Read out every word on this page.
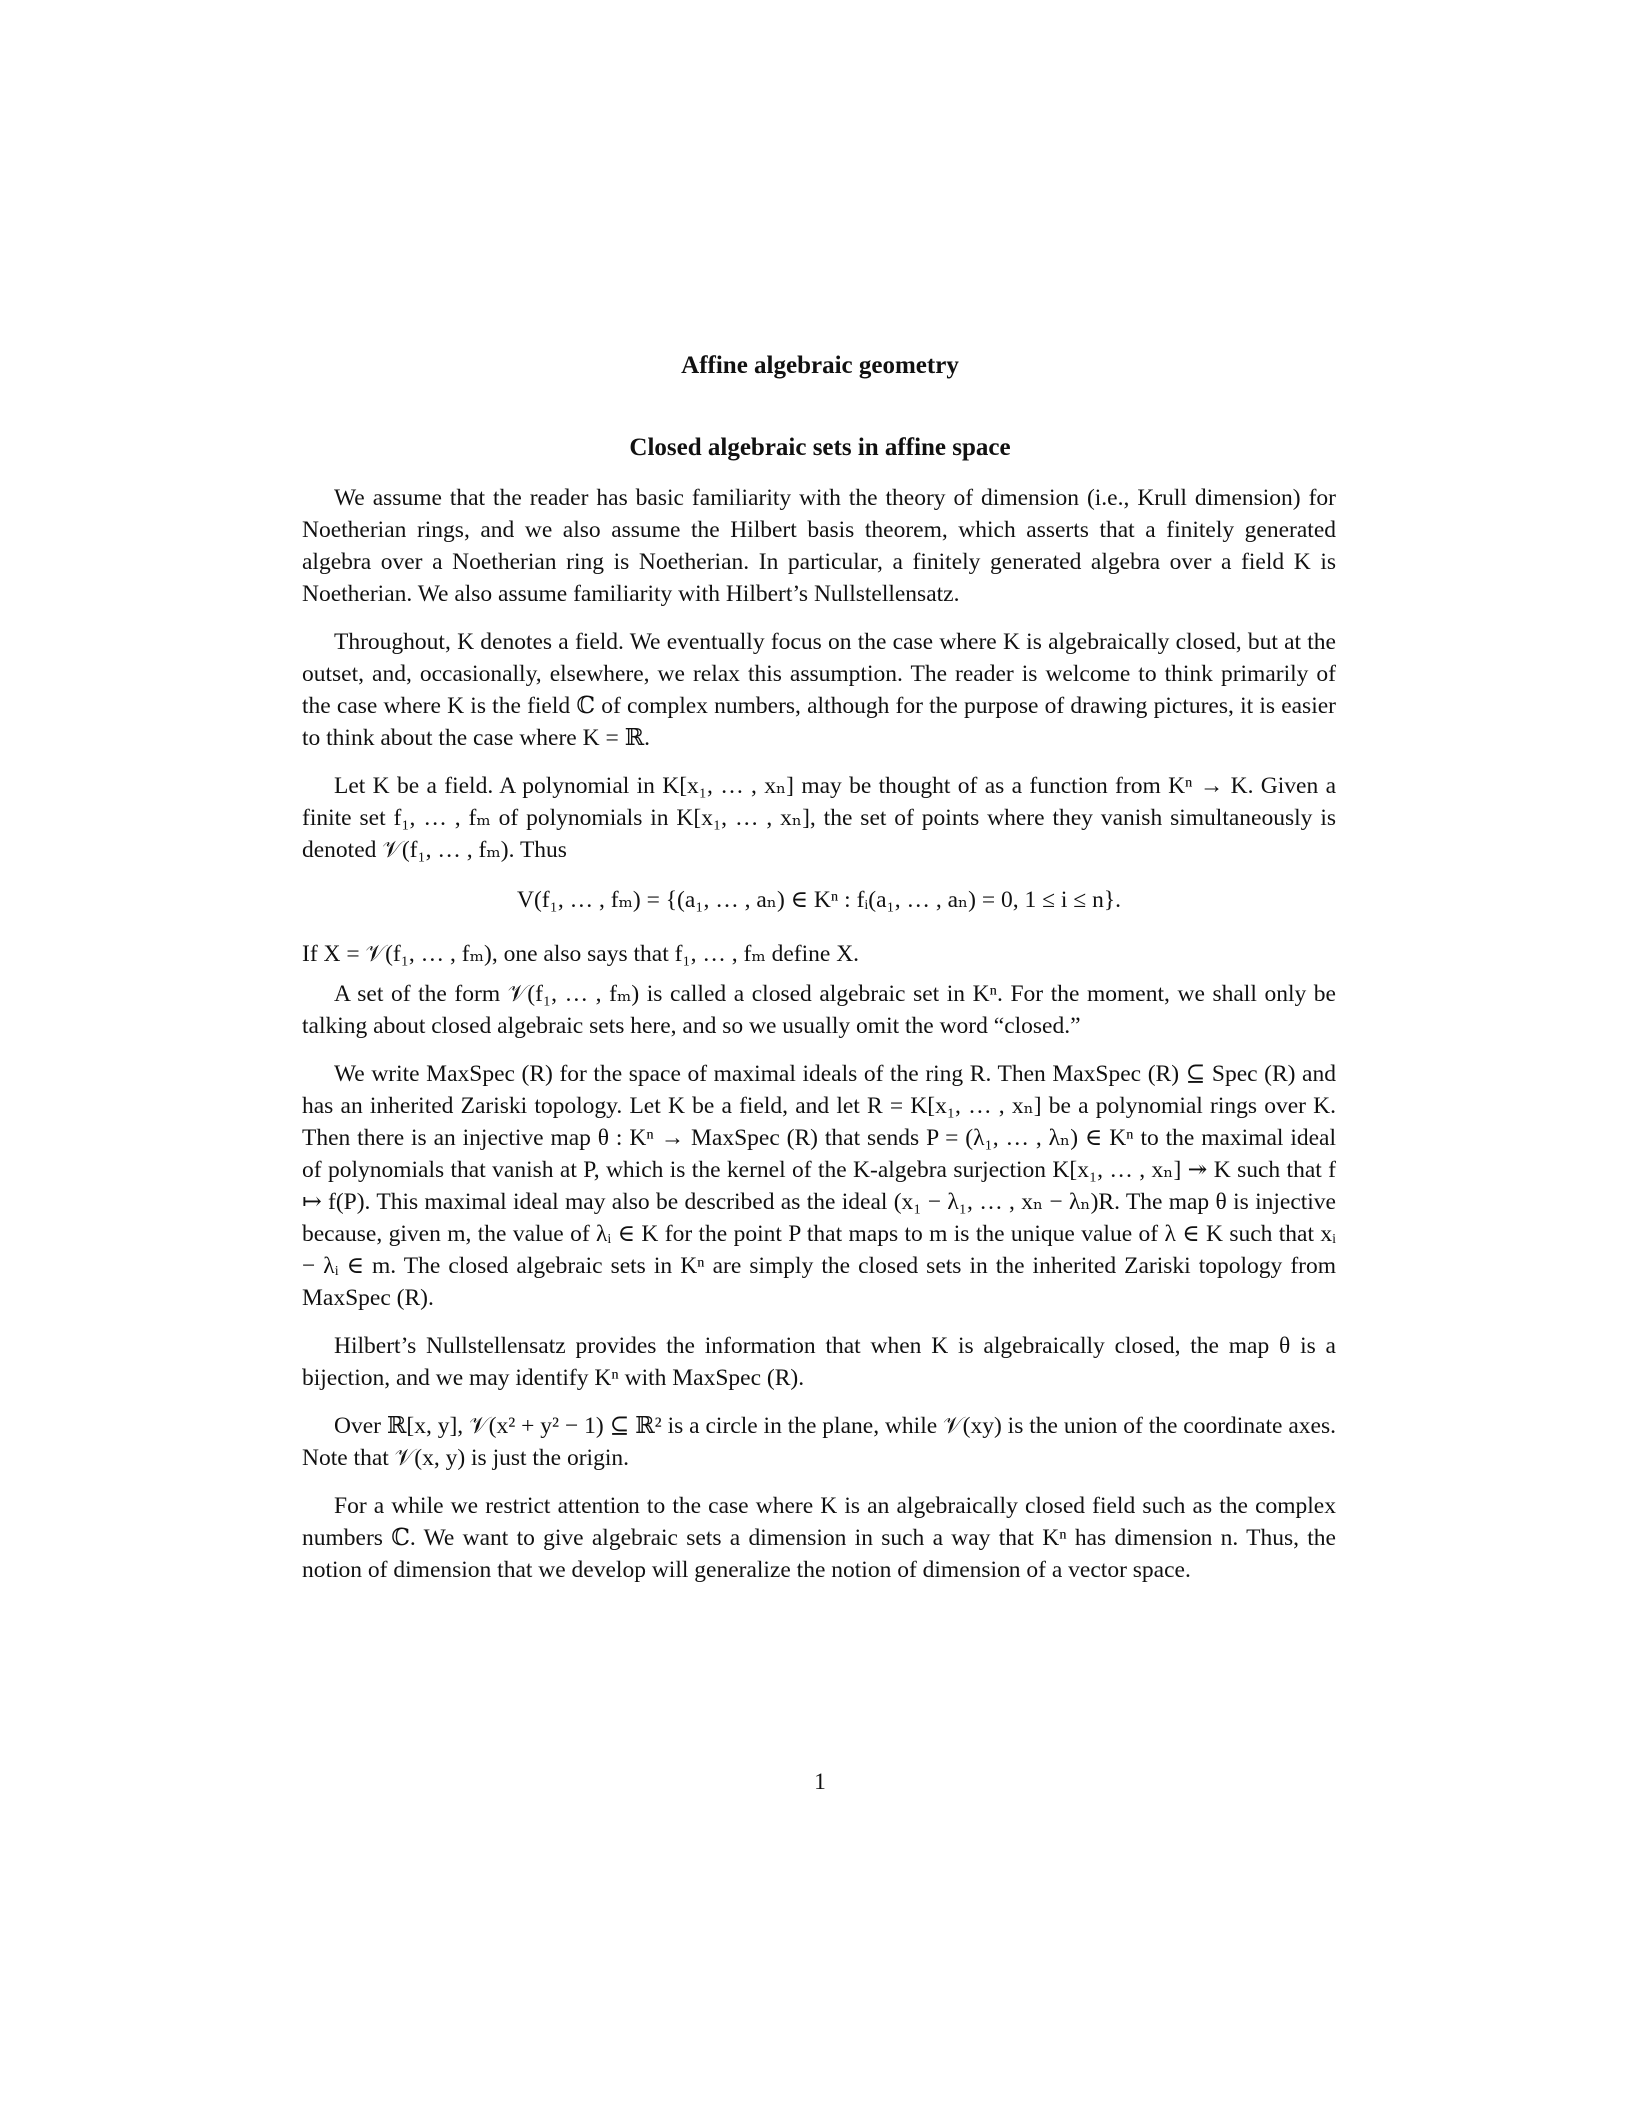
Affine algebraic geometry
Closed algebraic sets in affine space

We assume that the reader has basic familiarity with the theory of dimension (i.e., Krull dimension) for Noetherian rings, and we also assume the Hilbert basis theorem, which asserts that a finitely generated algebra over a Noetherian ring is Noetherian. In particular, a finitely generated algebra over a field K is Noetherian. We also assume familiarity with Hilbert’s Nullstellensatz.

Throughout, K denotes a field. We eventually focus on the case where K is algebraically closed, but at the outset, and, occasionally, elsewhere, we relax this assumption. The reader is welcome to think primarily of the case where K is the field ℂ of complex numbers, although for the purpose of drawing pictures, it is easier to think about the case where K = ℝ.

Let K be a field. A polynomial in K[x₁, … , xₙ] may be thought of as a function from Kⁿ → K. Given a finite set f₁, … , fₘ of polynomials in K[x₁, … , xₙ], the set of points where they vanish simultaneously is denoted 𝒱(f₁, … , fₘ). Thus

V(f₁, … , fₘ) = {(a₁, … , aₙ) ∈ Kⁿ : fᵢ(a₁, … , aₙ) = 0, 1 ≤ i ≤ n}.

If X = 𝒱(f₁, … , fₘ), one also says that f₁, … , fₘ define X.

A set of the form 𝒱(f₁, … , fₘ) is called a closed algebraic set in Kⁿ. For the moment, we shall only be talking about closed algebraic sets here, and so we usually omit the word “closed.”

We write MaxSpec (R) for the space of maximal ideals of the ring R. Then MaxSpec (R) ⊆ Spec (R) and has an inherited Zariski topology. Let K be a field, and let R = K[x₁, … , xₙ] be a polynomial rings over K. Then there is an injective map θ : Kⁿ → MaxSpec (R) that sends P = (λ₁, … , λₙ) ∈ Kⁿ to the maximal ideal of polynomials that vanish at P, which is the kernel of the K-algebra surjection K[x₁, … , xₙ] ↠ K such that f ↦ f(P). This maximal ideal may also be described as the ideal (x₁ − λ₁, … , xₙ − λₙ)R. The map θ is injective because, given m, the value of λᵢ ∈ K for the point P that maps to m is the unique value of λ ∈ K such that xᵢ − λᵢ ∈ m. The closed algebraic sets in Kⁿ are simply the closed sets in the inherited Zariski topology from MaxSpec (R).

Hilbert’s Nullstellensatz provides the information that when K is algebraically closed, the map θ is a bijection, and we may identify Kⁿ with MaxSpec (R).

Over ℝ[x, y], 𝒱(x² + y² − 1) ⊆ ℝ² is a circle in the plane, while 𝒱(xy) is the union of the coordinate axes. Note that 𝒱(x, y) is just the origin.

For a while we restrict attention to the case where K is an algebraically closed field such as the complex numbers ℂ. We want to give algebraic sets a dimension in such a way that Kⁿ has dimension n. Thus, the notion of dimension that we develop will generalize the notion of dimension of a vector space.

1
